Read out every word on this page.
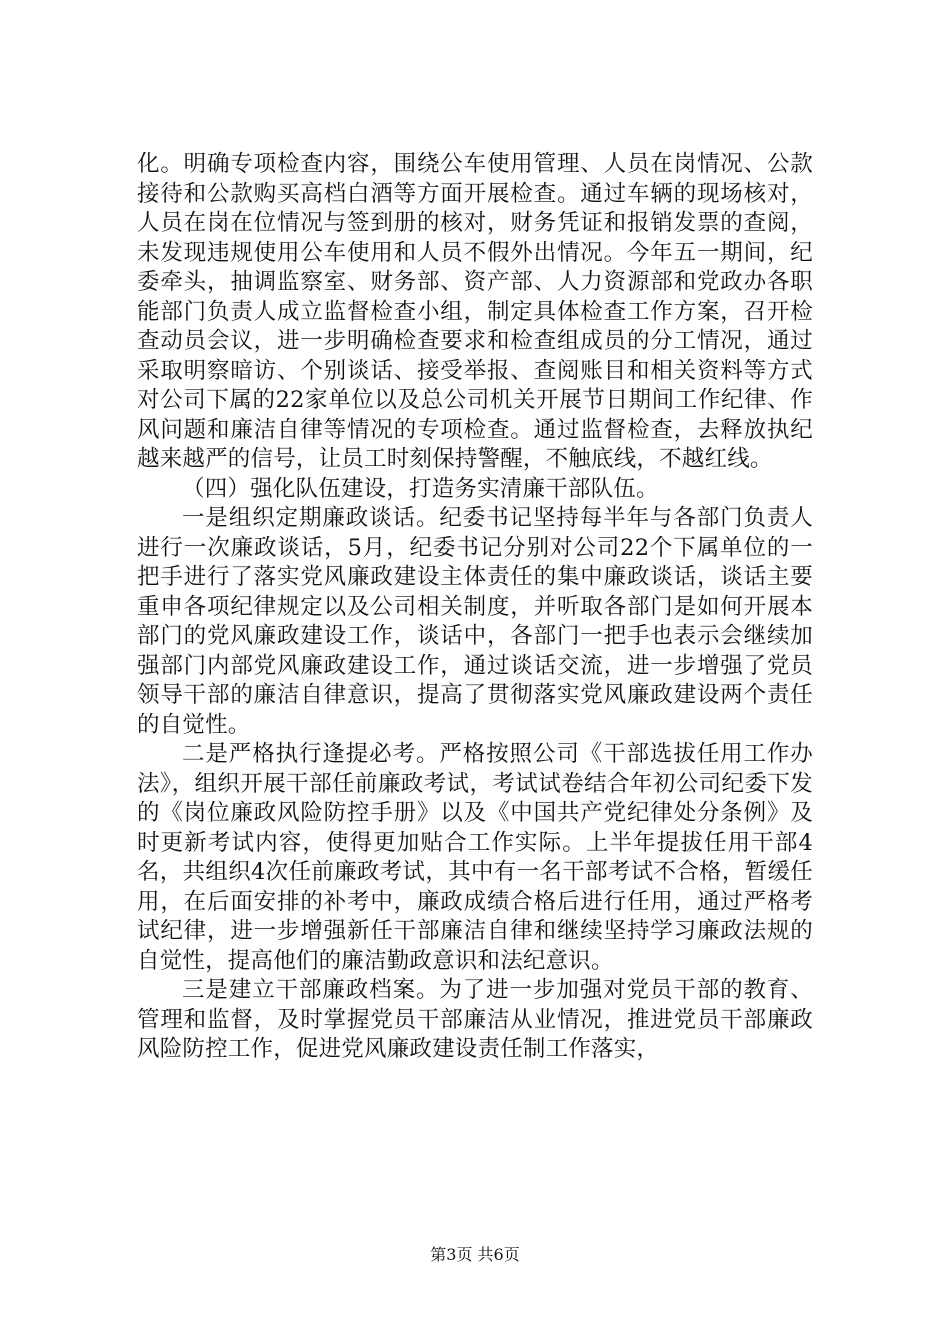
化。明确专项检查内容，围绕公车使用管理、人员在岗情况、公款接待和公款购买高档白酒等方面开展检查。通过车辆的现场核对，人员在岗在位情况与签到册的核对，财务凭证和报销发票的查阅，未发现违规使用公车使用和人员不假外出情况。今年五一期间，纪委牵头，抽调监察室、财务部、资产部、人力资源部和党政办各职能部门负责人成立监督检查小组，制定具体检查工作方案，召开检查动员会议，进一步明确检查要求和检查组成员的分工情况，通过采取明察暗访、个别谈话、接受举报、查阅账目和相关资料等方式对公司下属的22家单位以及总公司机关开展节日期间工作纪律、作风问题和廉洁自律等情况的专项检查。通过监督检查，去释放执纪越来越严的信号，让员工时刻保持警醒，不触底线，不越红线。

（四）强化队伍建设，打造务实清廉干部队伍。

一是组织定期廉政谈话。纪委书记坚持每半年与各部门负责人进行一次廉政谈话，5月，纪委书记分别对公司22个下属单位的一把手进行了落实党风廉政建设主体责任的集中廉政谈话，谈话主要重申各项纪律规定以及公司相关制度，并听取各部门是如何开展本部门的党风廉政建设工作，谈话中，各部门一把手也表示会继续加强部门内部党风廉政建设工作，通过谈话交流，进一步增强了党员领导干部的廉洁自律意识，提高了贯彻落实党风廉政建设两个责任的自觉性。

二是严格执行逢提必考。严格按照公司《干部选拔任用工作办法》，组织开展干部任前廉政考试，考试试卷结合年初公司纪委下发的《岗位廉政风险防控手册》以及《中国共产党纪律处分条例》及时更新考试内容，使得更加贴合工作实际。上半年提拔任用干部4名，共组织4次任前廉政考试，其中有一名干部考试不合格，暂缓任用，在后面安排的补考中，廉政成绩合格后进行任用，通过严格考试纪律，进一步增强新任干部廉洁自律和继续坚持学习廉政法规的自觉性，提高他们的廉洁勤政意识和法纪意识。

三是建立干部廉政档案。为了进一步加强对党员干部的教育、管理和监督，及时掌握党员干部廉洁从业情况，推进党员干部廉政风险防控工作，促进党风廉政建设责任制工作落实，

第3页 共6页
